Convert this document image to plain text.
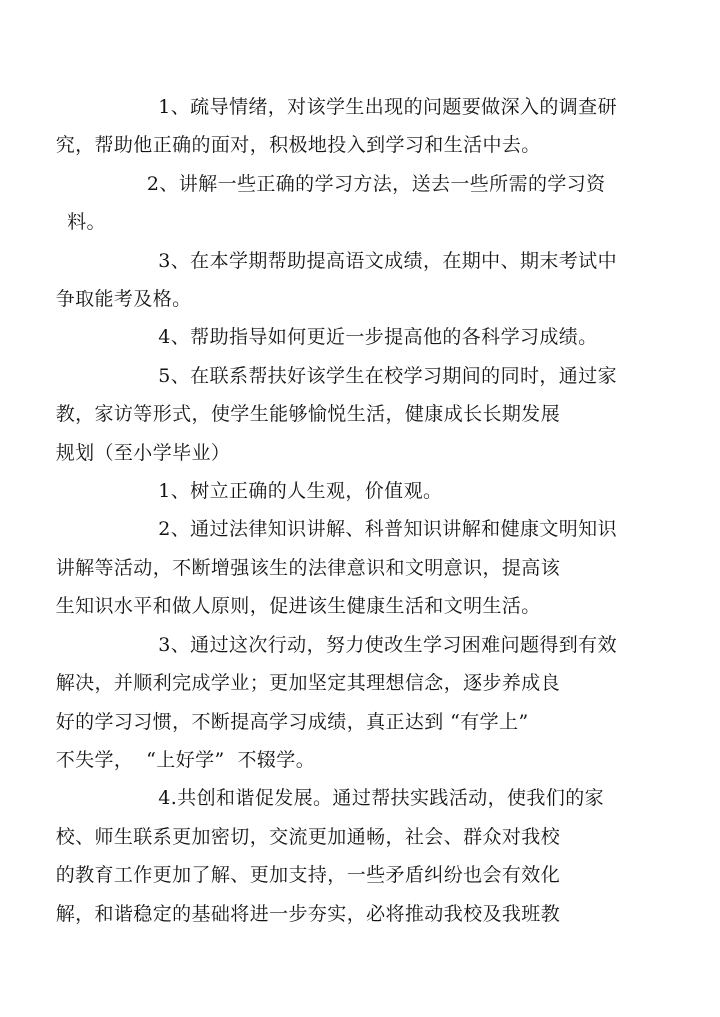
1、疏导情绪，对该学生出现的问题要做深入的调查研
究，帮助他正确的面对，积极地投入到学习和生活中去。

2、讲解一些正确的学习方法，送去一些所需的学习资
料。

3、在本学期帮助提高语文成绩，在期中、期末考试中
争取能考及格。

4、帮助指导如何更近一步提高他的各科学习成绩。

5、在联系帮扶好该学生在校学习期间的同时，通过家
教，家访等形式，使学生能够愉悦生活，健康成长长期发展
规划（至小学毕业）

1、树立正确的人生观，价值观。

2、通过法律知识讲解、科普知识讲解和健康文明知识
讲解等活动，不断增强该生的法律意识和文明意识，提高该
生知识水平和做人原则，促进该生健康生活和文明生活。

3、通过这次行动，努力使改生学习困难问题得到有效
解决，并顺利完成学业；更加坚定其理想信念，逐步养成良
好的学习习惯，不断提高学习成绩，真正达到 “有学上”
不失学，  “上好学”  不辍学。

4.共创和谐促发展。通过帮扶实践活动，使我们的家
校、师生联系更加密切，交流更加通畅，社会、群众对我校
的教育工作更加了解、更加支持，一些矛盾纠纷也会有效化
解，和谐稳定的基础将进一步夯实，必将推动我校及我班教
